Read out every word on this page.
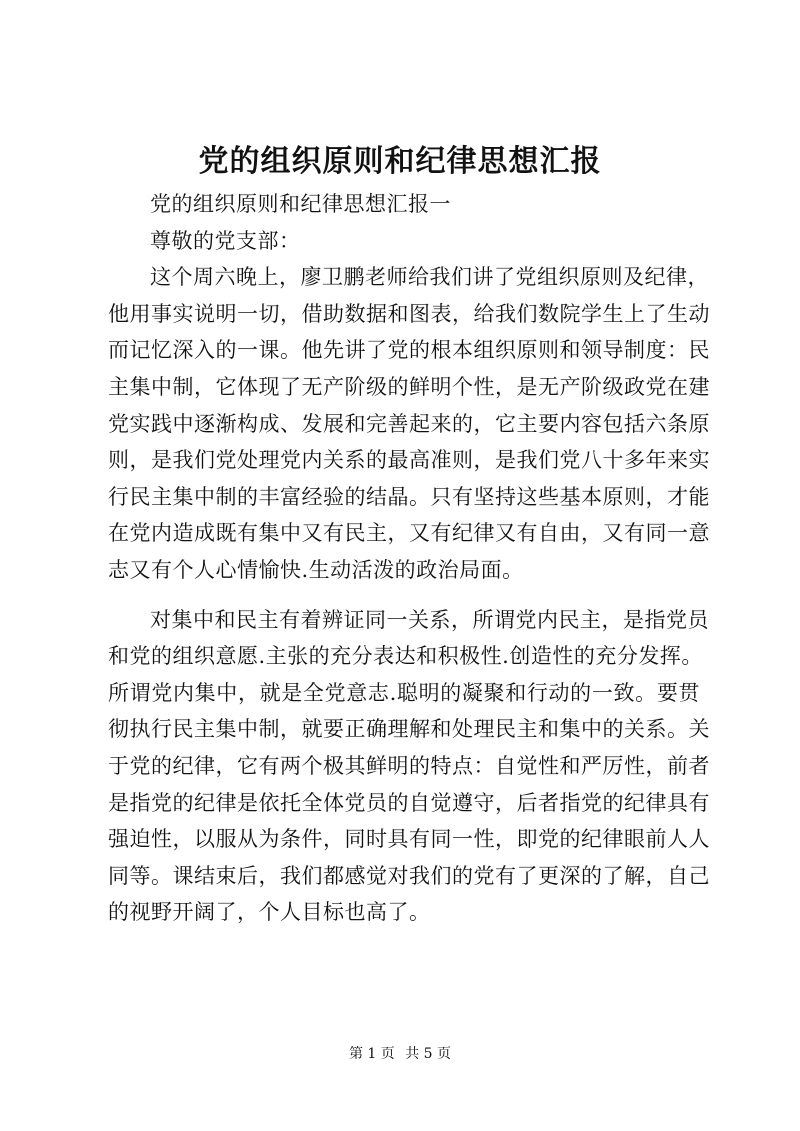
党的组织原则和纪律思想汇报
党的组织原则和纪律思想汇报一
尊敬的党支部：
这个周六晚上，廖卫鹏老师给我们讲了党组织原则及纪律，
他用事实说明一切，借助数据和图表，给我们数院学生上了生动
而记忆深入的一课。他先讲了党的根本组织原则和领导制度：民
主集中制，它体现了无产阶级的鲜明个性，是无产阶级政党在建
党实践中逐渐构成、发展和完善起来的，它主要内容包括六条原
则，是我们党处理党内关系的最高准则，是我们党八十多年来实
行民主集中制的丰富经验的结晶。只有坚持这些基本原则，才能
在党内造成既有集中又有民主，又有纪律又有自由，又有同一意
志又有个人心情愉快.生动活泼的政治局面。
对集中和民主有着辨证同一关系，所谓党内民主，是指党员
和党的组织意愿.主张的充分表达和积极性.创造性的充分发挥。
所谓党内集中，就是全党意志.聪明的凝聚和行动的一致。要贯
彻执行民主集中制，就要正确理解和处理民主和集中的关系。关
于党的纪律，它有两个极其鲜明的特点：自觉性和严厉性，前者
是指党的纪律是依托全体党员的自觉遵守，后者指党的纪律具有
强迫性，以服从为条件，同时具有同一性，即党的纪律眼前人人
同等。课结束后，我们都感觉对我们的党有了更深的了解，自己
的视野开阔了，个人目标也高了。
第 1 页 共 5 页
